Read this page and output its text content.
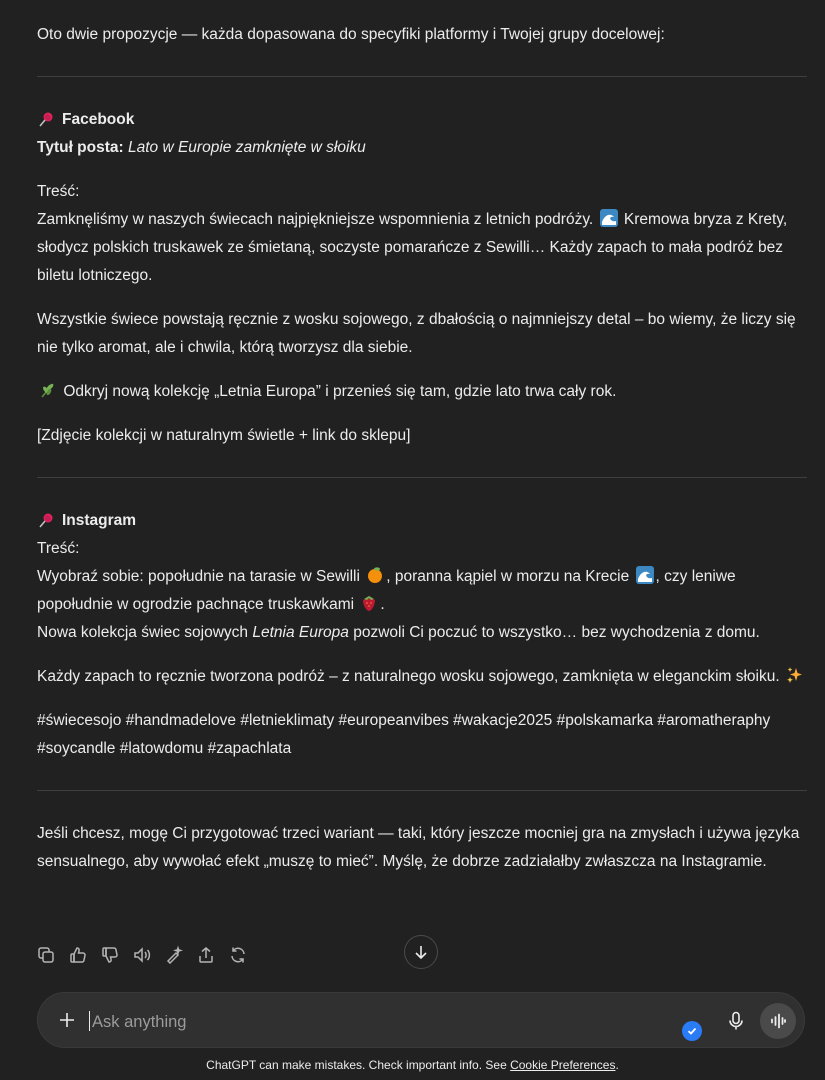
Oto dwie propozycje — każda dopasowana do specyfiki platformy i Twojej grupy docelowej:

Facebook

Tytuł posta: Lato w Europie zamknięte w słoiku

Treść:

Zamknęliśmy w naszych świecach najpiękniejsze wspomnienia z letnich podróży. Kremowa bryza z Krety, słodycz polskich truskawek ze śmietaną, soczyste pomarańcze z Sewilli… Każdy zapach to mała podróż bez biletu lotniczego.

Wszystkie świece powstają ręcznie z wosku sojowego, z dbałością o najmniejszy detal – bo wiemy, że liczy się nie tylko aromat, ale i chwila, którą tworzysz dla siebie.

Odkryj nową kolekcję „Letnia Europa” i przenieś się tam, gdzie lato trwa cały rok.

[Zdjęcie kolekcji w naturalnym świetle + link do sklepu]

Instagram

Treść:

Wyobraź sobie: popołudnie na tarasie w Sewilli , poranna kąpiel w morzu na Krecie , czy leniwe popołudnie w ogrodzie pachnące truskawkami .
Nowa kolekcja świec sojowych Letnia Europa pozwoli Ci poczuć to wszystko… bez wychodzenia z domu.

Każdy zapach to ręcznie tworzona podróż – z naturalnego wosku sojowego, zamknięta w eleganckim słoiku.

#świecesojo #handmadelove #letnieklimaty #europeanvibes #wakacje2025 #polskamarka #aromatheraphy #soycandle #latowdomu #zapachlata

Jeśli chcesz, mogę Ci przygotować trzeci wariant — taki, który jeszcze mocniej gra na zmysłach i używa języka sensualnego, aby wywołać efekt „muszę to mieć”. Myślę, że dobrze zadziałałby zwłaszcza na Instagramie.

Ask anything
ChatGPT can make mistakes. Check important info. See Cookie Preferences.
